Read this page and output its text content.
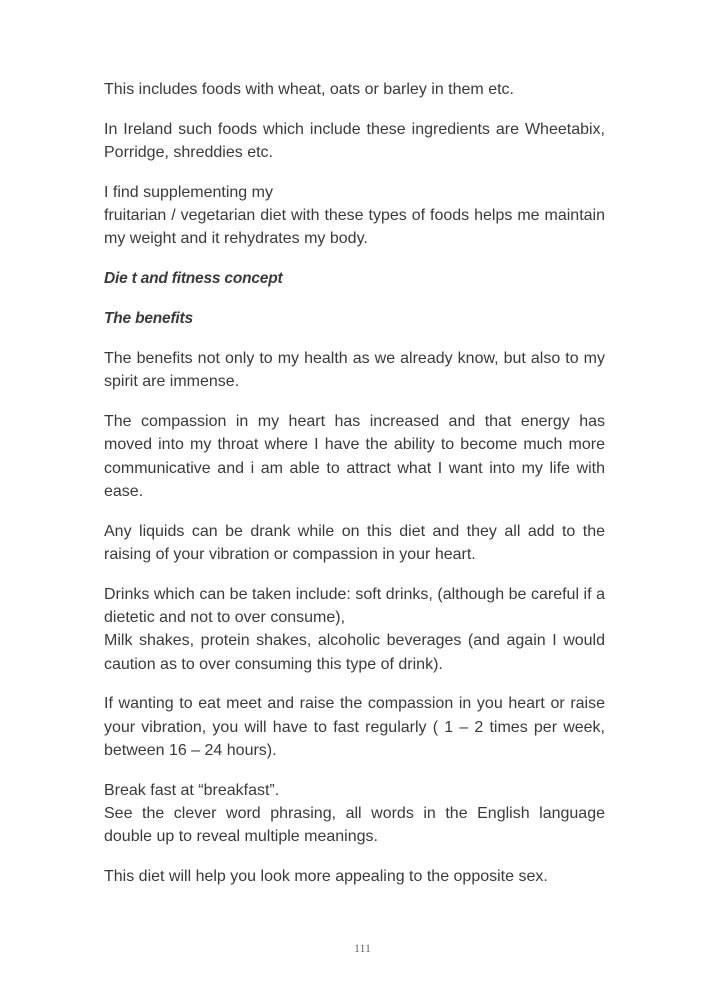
This includes foods with wheat, oats or barley in them etc.

In Ireland such foods which include these ingredients are Wheetabix, Porridge, shreddies etc.

I find supplementing my

fruitarian / vegetarian diet with these types of foods helps me maintain my weight and it rehydrates my body.

Die t and fitness concept

The benefits

The benefits not only to my health as we already know, but also to my spirit are immense.

The compassion in my heart has increased and that energy has moved into my throat where I have the ability to become much more communicative and i am able to attract what I want into my life with ease.

Any liquids can be drank while on this diet and they all add to the raising of your vibration or compassion in your heart.

Drinks which can be taken include: soft drinks, (although be careful if a dietetic and not to over consume),

Milk shakes, protein shakes, alcoholic beverages (and again I would caution as to over consuming this type of drink).

If wanting to eat meet and raise the compassion in you heart or raise your vibration, you will have to fast regularly ( 1 – 2 times per week, between 16 – 24 hours).

Break fast at “breakfast”.

See the clever word phrasing, all words in the English language double up to reveal multiple meanings.

This diet will help you look more appealing to the opposite sex.

111
